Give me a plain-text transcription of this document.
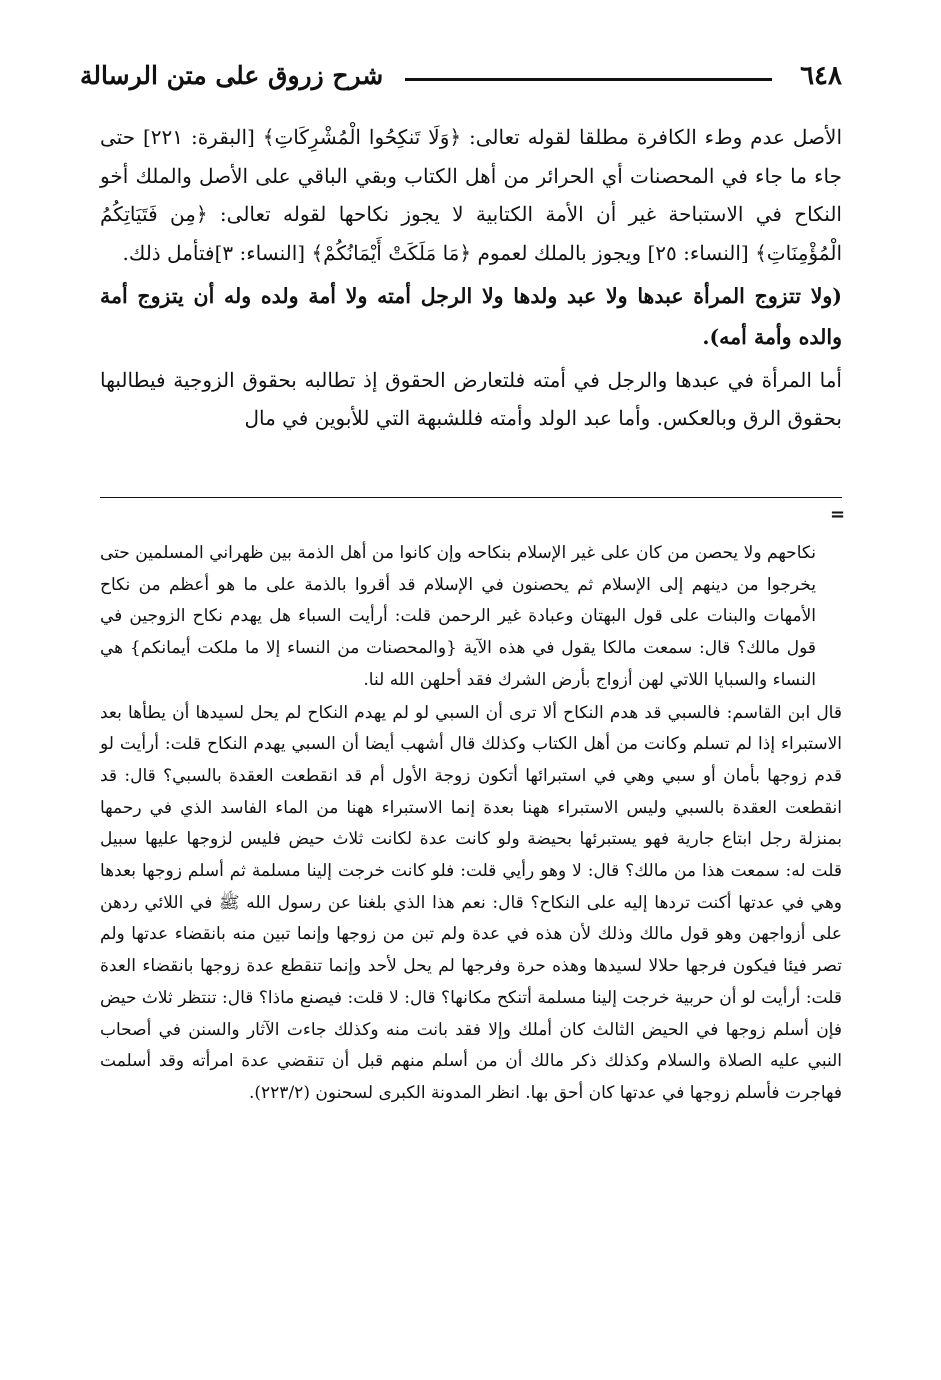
٦٤٨
شرح زروق على متن الرسالة

الأصل عدم وطء الكافرة مطلقا لقوله تعالى: ﴿وَلَا تَنكِحُوا الْمُشْرِكَاتِ﴾ [البقرة: ٢٢١] حتى جاء ما جاء في المحصنات أي الحرائر من أهل الكتاب وبقي الباقي على الأصل والملك أخو النكاح في الاستباحة غير أن الأمة الكتابية لا يجوز نكاحها لقوله تعالى: ﴿مِن فَتَيَاتِكُمُ الْمُؤْمِنَاتِ﴾ [النساء: ٢٥] ويجوز بالملك لعموم ﴿مَا مَلَكَتْ أَيْمَانُكُمْ﴾ [النساء: ٣]فتأمل ذلك.

(ولا تتزوج المرأة عبدها ولا عبد ولدها ولا الرجل أمته ولا أمة ولده وله أن يتزوج أمة والده وأمة أمه).

أما المرأة في عبدها والرجل في أمته فلتعارض الحقوق إذ تطالبه بحقوق الزوجية فيطالبها بحقوق الرق وبالعكس. وأما عبد الولد وأمته فللشبهة التي للأبوين في مال

=

نكاحهم ولا يحصن من كان على غير الإسلام بنكاحه وإن كانوا من أهل الذمة بين ظهراني المسلمين حتى يخرجوا من دينهم إلى الإسلام ثم يحصنون في الإسلام قد أقروا بالذمة على ما هو أعظم من نكاح الأمهات والبنات على قول البهتان وعبادة غير الرحمن قلت: أرأيت السباء هل يهدم نكاح الزوجين في قول مالك؟ قال: سمعت مالكا يقول في هذه الآية {والمحصنات من النساء إلا ما ملكت أيمانكم} هي النساء والسبايا اللاتي لهن أزواج بأرض الشرك فقد أحلهن الله لنا.

قال ابن القاسم: فالسبي قد هدم النكاح ألا ترى أن السبي لو لم يهدم النكاح لم يحل لسيدها أن يطأها بعد الاستبراء إذا لم تسلم وكانت من أهل الكتاب وكذلك قال أشهب أيضا أن السبي يهدم النكاح قلت: أرأيت لو قدم زوجها بأمان أو سبي وهي في استبرائها أتكون زوجة الأول أم قد انقطعت العقدة بالسبي؟ قال: قد انقطعت العقدة بالسبي وليس الاستبراء ههنا بعدة إنما الاستبراء ههنا من الماء الفاسد الذي في رحمها بمنزلة رجل ابتاع جارية فهو يستبرئها بحيضة ولو كانت عدة لكانت ثلاث حيض فليس لزوجها عليها سبيل قلت له: سمعت هذا من مالك؟ قال: لا وهو رأيي قلت: فلو كانت خرجت إلينا مسلمة ثم أسلم زوجها بعدها وهي في عدتها أكنت تردها إليه على النكاح؟ قال: نعم هذا الذي بلغنا عن رسول الله ﷺ في اللائي ردهن على أزواجهن وهو قول مالك وذلك لأن هذه في عدة ولم تبن من زوجها وإنما تبين منه بانقضاء عدتها ولم تصر فيئا فيكون فرجها حلالا لسيدها وهذه حرة وفرجها لم يحل لأحد وإنما تنقطع عدة زوجها بانقضاء العدة قلت: أرأيت لو أن حربية خرجت إلينا مسلمة أتنكح مكانها؟ قال: لا قلت: فيصنع ماذا؟ قال: تنتظر ثلاث حيض فإن أسلم زوجها في الحيض الثالث كان أملك وإلا فقد بانت منه وكذلك جاءت الآثار والسنن في أصحاب النبي عليه الصلاة والسلام وكذلك ذكر مالك أن من أسلم منهم قبل أن تنقضي عدة امرأته وقد أسلمت فهاجرت فأسلم زوجها في عدتها كان أحق بها. انظر المدونة الكبرى لسحنون (٢٢٣/٢).
